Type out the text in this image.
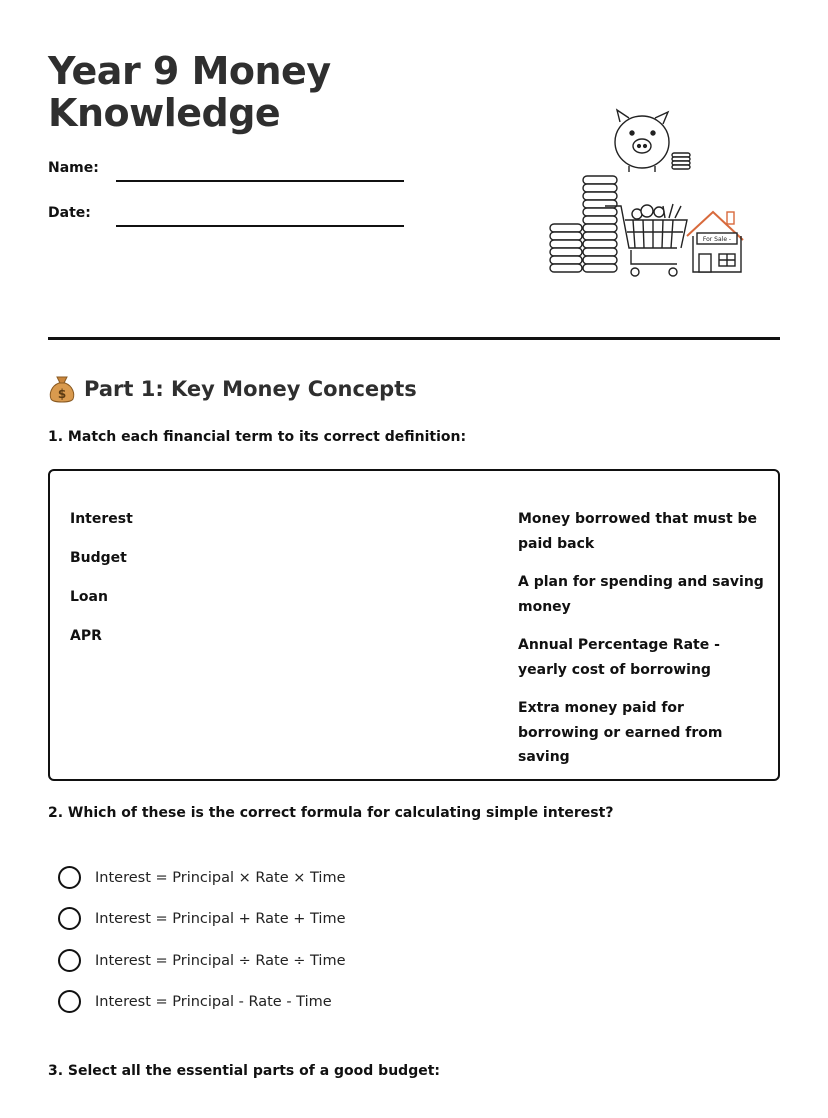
Year 9 Money
Knowledge
Name:
Date:
For Sale -
$ Part 1: Key Money Concepts
1. Match each financial term to its correct definition:
Interest
Budget
Loan
APR
Money borrowed that must be paid back
A plan for spending and saving money
Annual Percentage Rate - yearly cost of borrowing
Extra money paid for borrowing or earned from saving
2. Which of these is the correct formula for calculating simple interest?
Interest = Principal × Rate × Time
Interest = Principal + Rate + Time
Interest = Principal ÷ Rate ÷ Time
Interest = Principal - Rate - Time
3. Select all the essential parts of a good budget:
